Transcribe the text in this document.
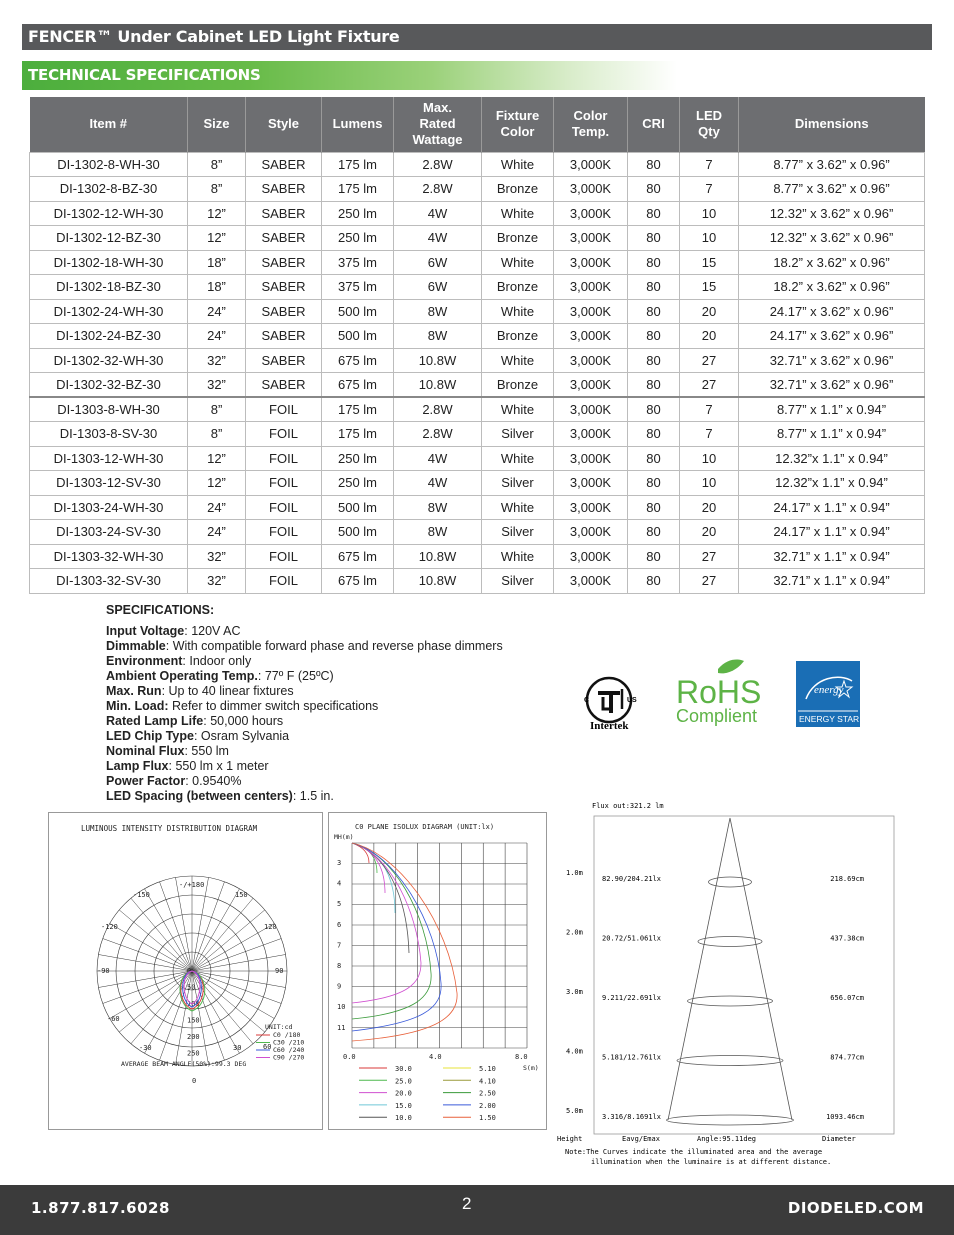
FENCER™ Under Cabinet LED Light Fixture
TECHNICAL SPECIFICATIONS
Item #	Size	Style	Lumens	Max.
Rated
Wattage	Fixture
Color	Color
Temp.	CRI	LED
Qty	Dimensions
DI-1302-8-WH-30	8”	SABER	175 lm	2.8W	White	3,000K	80	7	8.77” x 3.62” x 0.96”
DI-1302-8-BZ-30	8”	SABER	175 lm	2.8W	Bronze	3,000K	80	7	8.77” x 3.62” x 0.96”
DI-1302-12-WH-30	12”	SABER	250 lm	4W	White	3,000K	80	10	12.32” x 3.62” x 0.96”
DI-1302-12-BZ-30	12”	SABER	250 lm	4W	Bronze	3,000K	80	10	12.32” x 3.62” x 0.96”
DI-1302-18-WH-30	18”	SABER	375 lm	6W	White	3,000K	80	15	18.2” x 3.62” x 0.96”
DI-1302-18-BZ-30	18”	SABER	375 lm	6W	Bronze	3,000K	80	15	18.2” x 3.62” x 0.96”
DI-1302-24-WH-30	24”	SABER	500 lm	8W	White	3,000K	80	20	24.17” x 3.62” x 0.96”
DI-1302-24-BZ-30	24”	SABER	500 lm	8W	Bronze	3,000K	80	20	24.17” x 3.62” x 0.96”
DI-1302-32-WH-30	32”	SABER	675 lm	10.8W	White	3,000K	80	27	32.71” x 3.62” x 0.96”
DI-1302-32-BZ-30	32”	SABER	675 lm	10.8W	Bronze	3,000K	80	27	32.71” x 3.62” x 0.96”
DI-1303-8-WH-30	8”	FOIL	175 lm	2.8W	White	3,000K	80	7	8.77” x 1.1” x 0.94”
DI-1303-8-SV-30	8”	FOIL	175 lm	2.8W	Silver	3,000K	80	7	8.77” x 1.1” x 0.94”
DI-1303-12-WH-30	12”	FOIL	250 lm	4W	White	3,000K	80	10	12.32”x 1.1” x 0.94”
DI-1303-12-SV-30	12”	FOIL	250 lm	4W	Silver	3,000K	80	10	12.32”x 1.1” x 0.94”
DI-1303-24-WH-30	24”	FOIL	500 lm	8W	White	3,000K	80	20	24.17” x 1.1” x 0.94”
DI-1303-24-SV-30	24”	FOIL	500 lm	8W	Silver	3,000K	80	20	24.17” x 1.1” x 0.94”
DI-1303-32-WH-30	32”	FOIL	675 lm	10.8W	White	3,000K	80	27	32.71” x 1.1” x 0.94”
DI-1303-32-SV-30	32”	FOIL	675 lm	10.8W	Silver	3,000K	80	27	32.71” x 1.1” x 0.94”
SPECIFICATIONS:
Input Voltage: 120V AC
Dimmable: With compatible forward phase and reverse phase dimmers
Environment: Indoor only
Ambient Operating Temp.: 77º F (25ºC)
Max. Run: Up to 40 linear fixtures
Min. Load: Refer to dimmer switch specifications
Rated Lamp Life: 50,000 hours
LED Chip Type: Osram Sylvania
Nominal Flux: 550 lm
Lamp Flux: 550 lm x 1 meter
Power Factor: 0.9540%
LED Spacing (between centers): 1.5 in.
C	US
Intertek
RoHS
Complient
energy
ENERGY STAR
LUMINOUS INTENSITY DISTRIBUTION DIAGRAM
-/+180
150
-150
120
-120
90
-90
60
-60
30
-30
0
0
50
100
150
200
250
UNIT:cd
C0 /180
C30 /210
C60 /240
C90 /270
AVERAGE BEAM ANGLE(50%):99.3 DEG
C0 PLANE ISOLUX DIAGRAM (UNIT:lx)
MH(m)
3
4
5
6
7
8
9
10
11
0.0	4.0	8.0
S(m)
30.0	5.10
25.0	4.10
20.0	2.50
15.0	2.00
10.0	1.50
Flux out:321.2 lm
1.0m
82.90/204.21lx	218.69cm
2.0m
20.72/51.061lx	437.38cm
3.0m
9.211/22.691lx	656.07cm
4.0m
5.181/12.761lx	874.77cm
5.0m
3.316/8.1691lx	1093.46cm
Height	Eavg/Emax	Angle:95.11deg	Diameter
Note:The Curves indicate the illuminated area and the average
illumination when the luminaire is at different distance.
1.877.817.6028	2	DIODELED.COM
